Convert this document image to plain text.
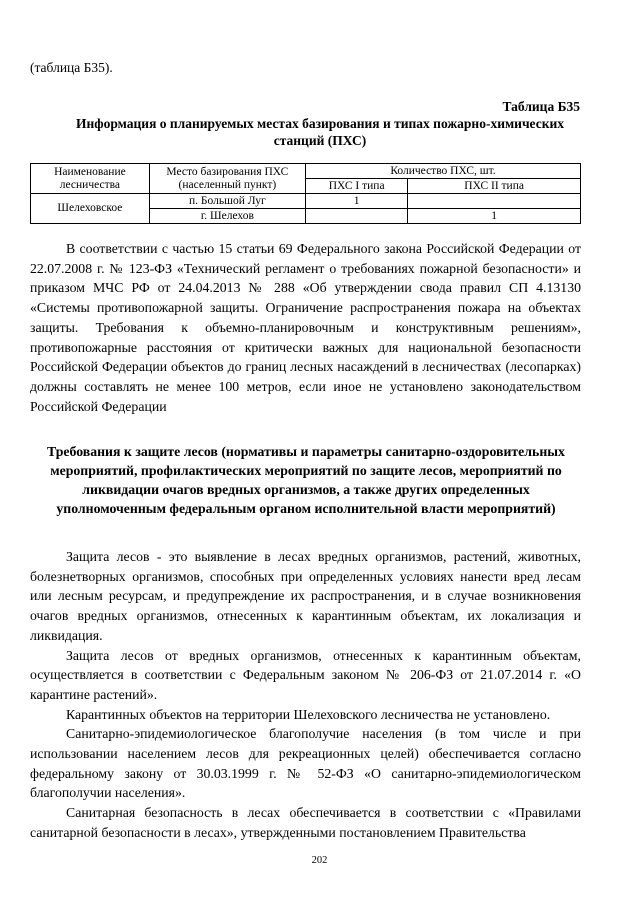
(таблица Б35).
Таблица Б35
Информация о планируемых местах базирования и типах пожарно-химических станций (ПХС)
Наименование лесничества	Место базирования ПХС (населенный пункт)	Количество ПХС, шт.	
		ПХС I типа	ПХС II типа
Шелеховское	п. Большой Луг	1	
	г. Шелехов		1

В соответствии с частью 15 статьи 69 Федерального закона Российской Федерации от 22.07.2008 г. № 123-ФЗ «Технический регламент о требованиях пожарной безопасности» и приказом МЧС РФ от 24.04.2013 № 288 «Об утверждении свода правил СП 4.13130 «Системы противопожарной защиты. Ограничение распространения пожара на объектах защиты. Требования к объемно-планировочным и конструктивным решениям», противопожарные расстояния от критически важных для национальной безопасности Российской Федерации объектов до границ лесных насаждений в лесничествах (лесопарках) должны составлять не менее 100 метров, если иное не установлено законодательством Российской Федерации

Требования к защите лесов (нормативы и параметры санитарно-оздоровительных мероприятий, профилактических мероприятий по защите лесов, мероприятий по ликвидации очагов вредных организмов, а также других определенных уполномоченным федеральным органом исполнительной власти мероприятий)

Защита лесов - это выявление в лесах вредных организмов, растений, животных, болезнетворных организмов, способных при определенных условиях нанести вред лесам или лесным ресурсам, и предупреждение их распространения, и в случае возникновения очагов вредных организмов, отнесенных к карантинным объектам, их локализация и ликвидация.

Защита лесов от вредных организмов, отнесенных к карантинным объектам, осуществляется в соответствии с Федеральным законом № 206-ФЗ от 21.07.2014 г. «О карантине растений».

Карантинных объектов на территории Шелеховского лесничества не установлено.

Санитарно-эпидемиологическое благополучие населения (в том числе и при использовании населением лесов для рекреационных целей) обеспечивается согласно федеральному закону от 30.03.1999 г. № 52-ФЗ «О санитарно-эпидемиологическом благополучии населения».

Санитарная безопасность в лесах обеспечивается в соответствии с «Правилами санитарной безопасности в лесах», утвержденными постановлением Правительства

202
